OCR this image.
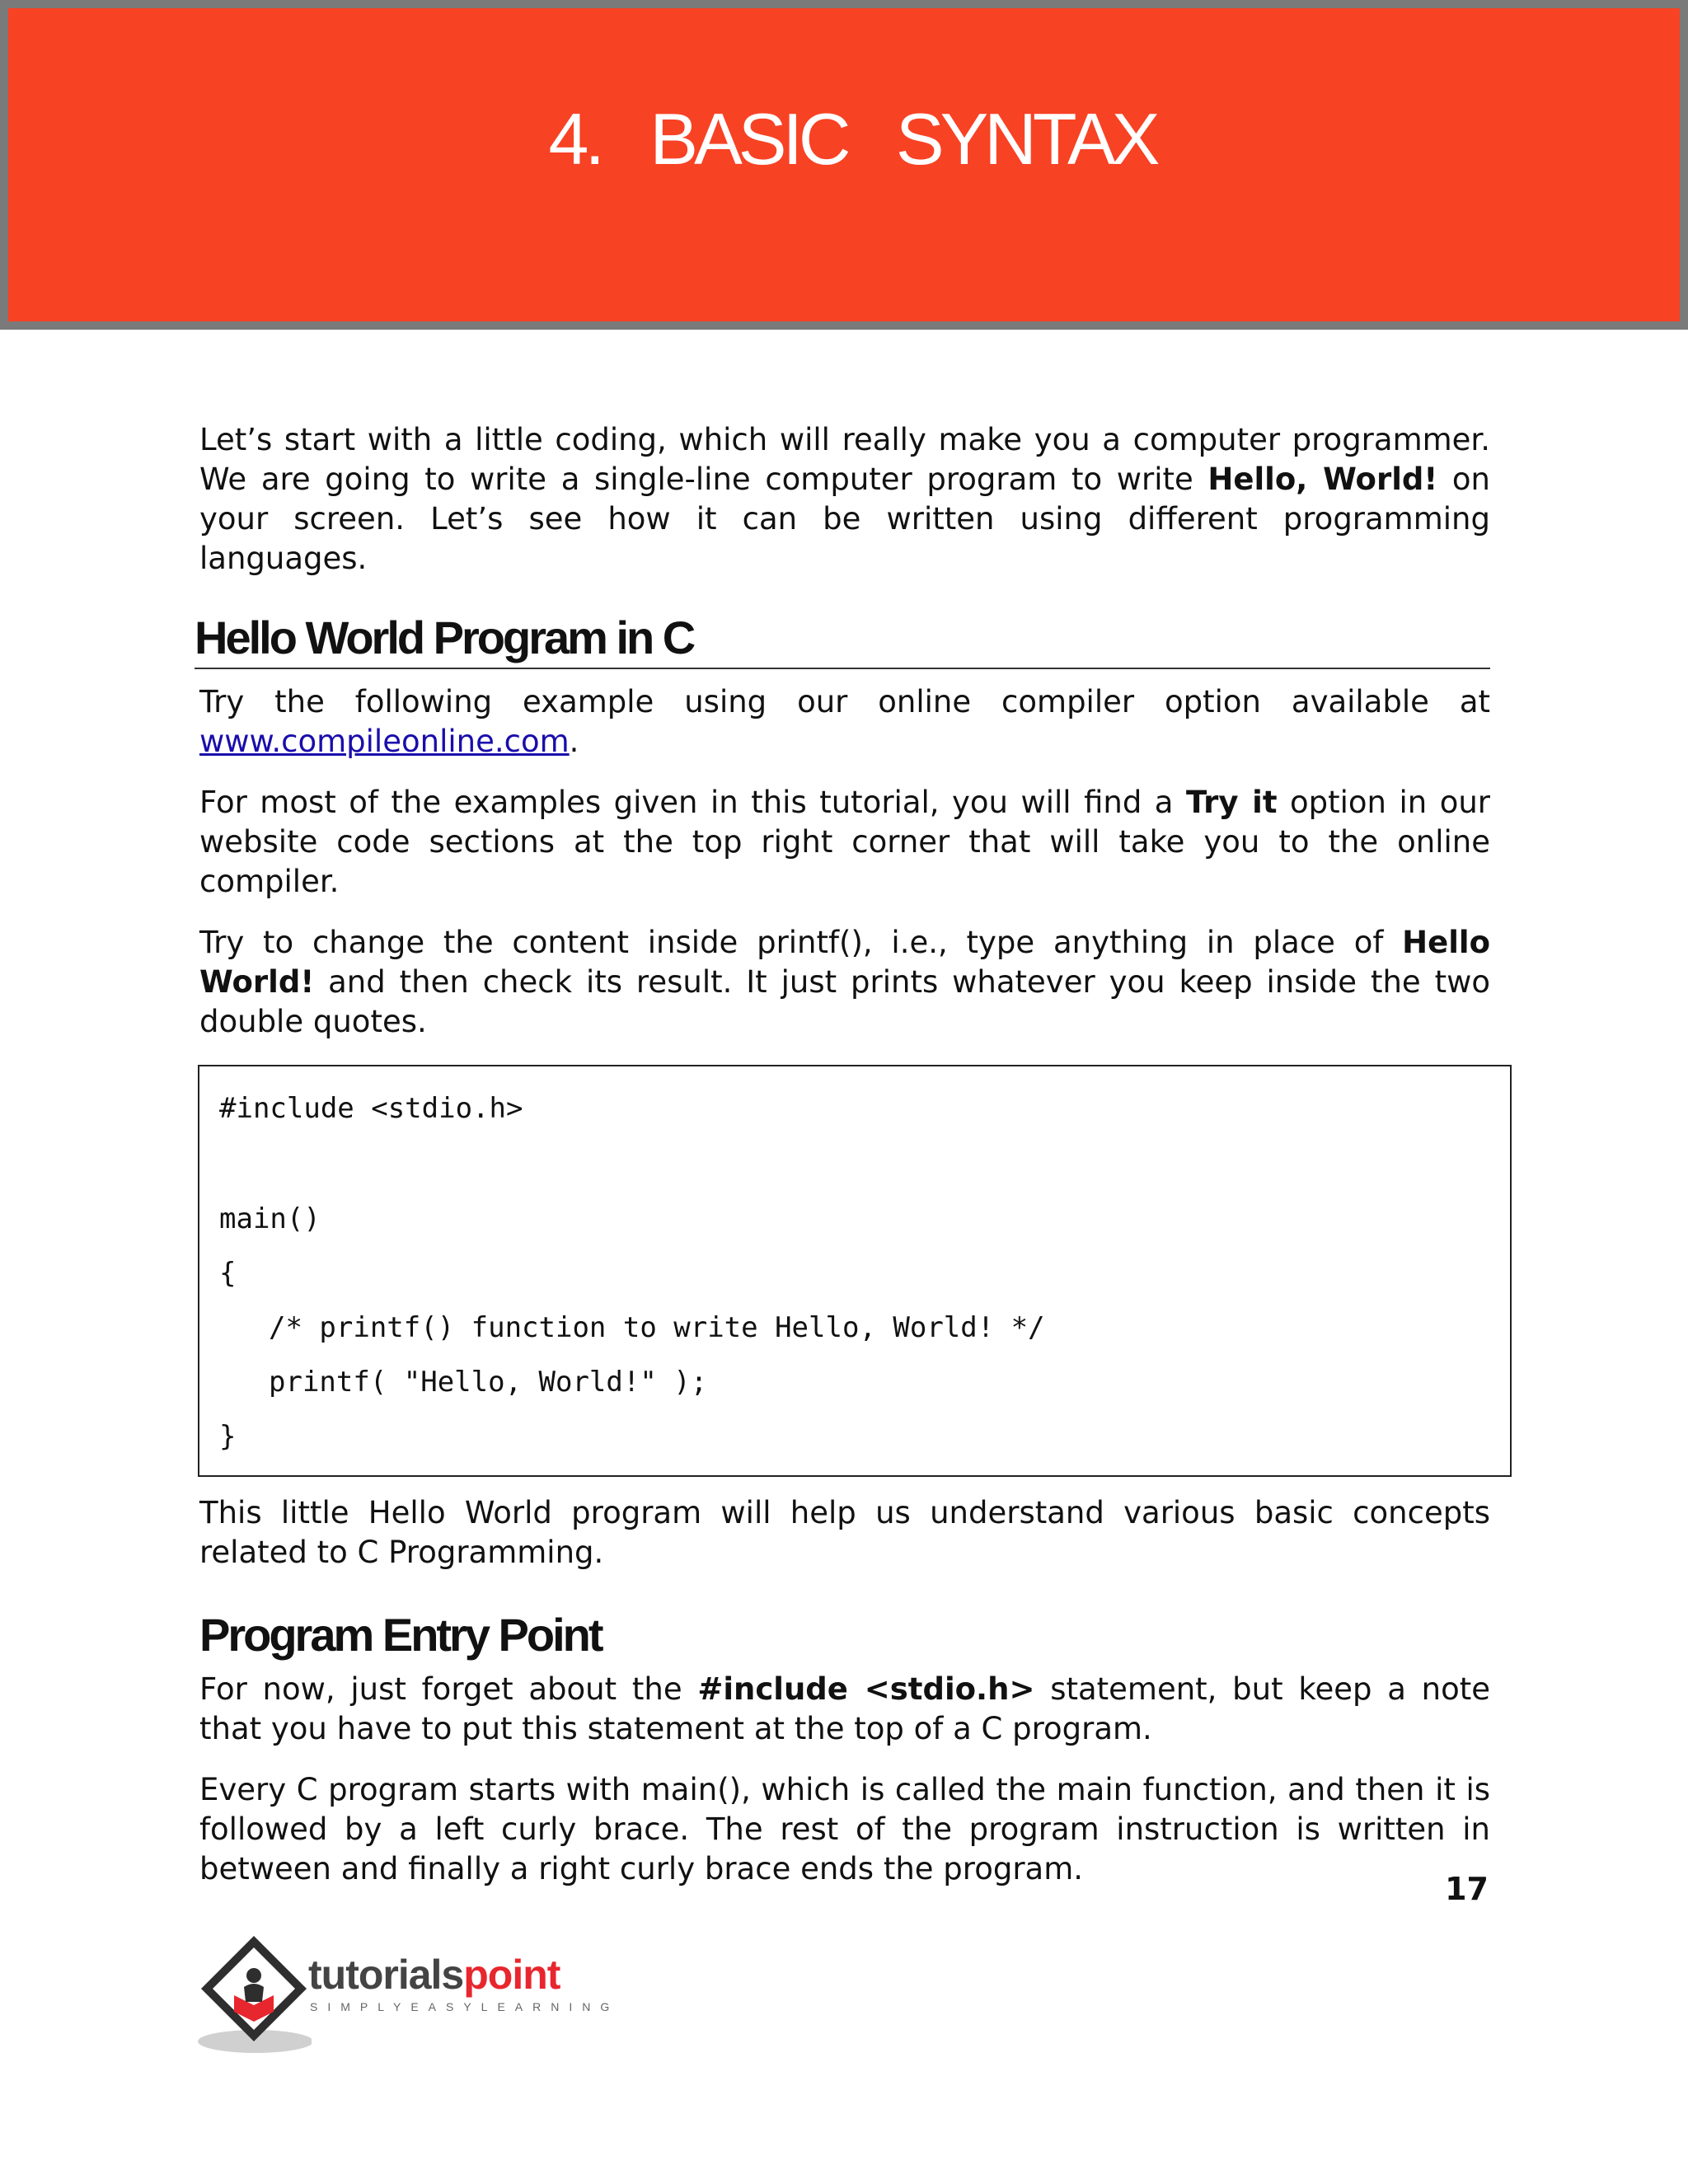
4. BASIC SYNTAX

Let’s start with a little coding, which will really make you a computer programmer. We are going to write a single-line computer program to write Hello, World! on your screen. Let’s see how it can be written using different programming languages.

Hello World Program in C

Try the following example using our online compiler option available at www.compileonline.com.

For most of the examples given in this tutorial, you will find a Try it option in our website code sections at the top right corner that will take you to the online compiler.

Try to change the content inside printf(), i.e., type anything in place of Hello World! and then check its result. It just prints whatever you keep inside the two double quotes.

#include <stdio.h>
main()
{
/* printf() function to write Hello, World! */
printf( "Hello, World!" );
}

This little Hello World program will help us understand various basic concepts related to C Programming.

Program Entry Point

For now, just forget about the #include <stdio.h> statement, but keep a note that you have to put this statement at the top of a C program.

Every C program starts with main(), which is called the main function, and then it is followed by a left curly brace. The rest of the program instruction is written in between and finally a right curly brace ends the program.

17
tutorialspoint
SIMPLYEASYLEARNING
